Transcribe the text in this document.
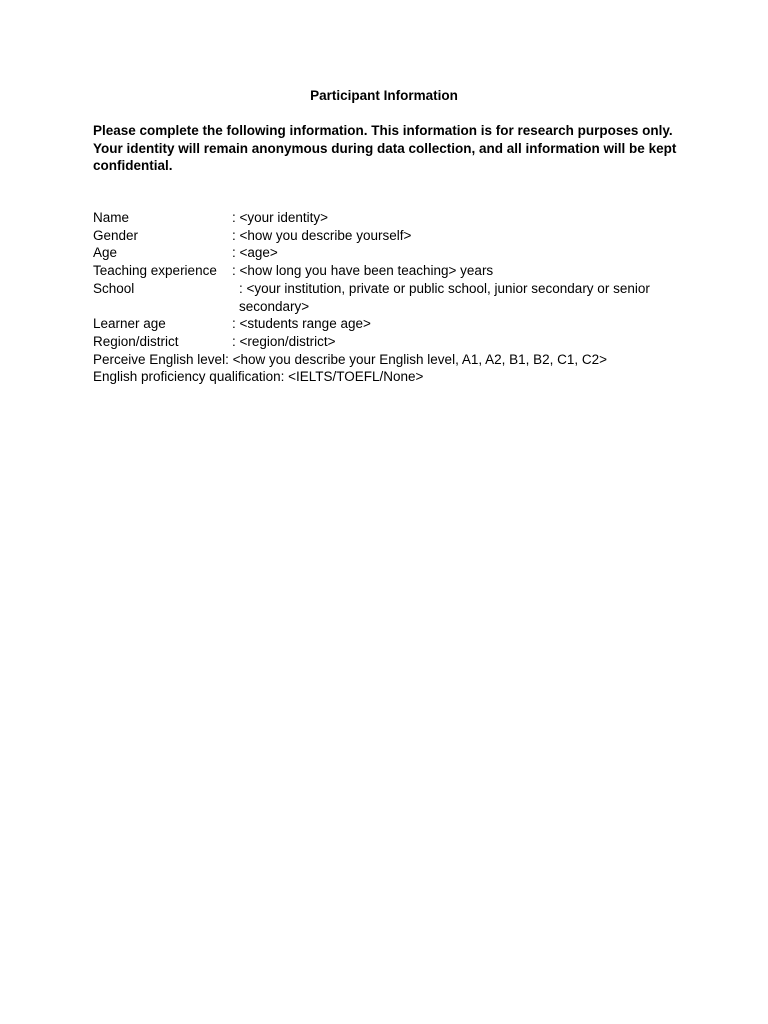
Participant Information
Please complete the following information. This information is for research purposes only. Your identity will remain anonymous during data collection, and all information will be kept confidential.
Name	: <your identity>
Gender	: <how you describe yourself>
Age	: <age>
Teaching experience	: <how long you have been teaching> years
School	: <your institution, private or public school, junior secondary or senior secondary>
Learner age	: <students range age>
Region/district	: <region/district>
Perceive English level: <how you describe your English level, A1, A2, B1, B2, C1, C2>
English proficiency qualification: <IELTS/TOEFL/None>
